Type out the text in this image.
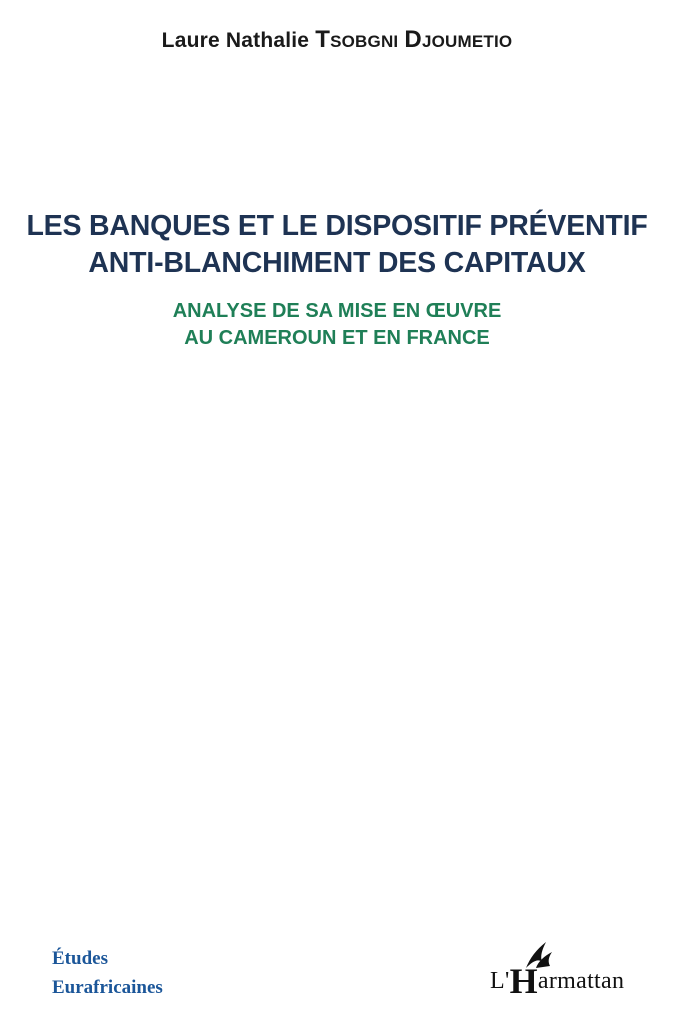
Laure Nathalie Tsobgni Djoumetio
LES BANQUES ET LE DISPOSITIF PRÉVENTIF
ANTI-BLANCHIMENT DES CAPITAUX
ANALYSE DE SA MISE EN ŒUVRE
AU CAMEROUN ET EN FRANCE
Études
Eurafricaines	L'Harmattan
